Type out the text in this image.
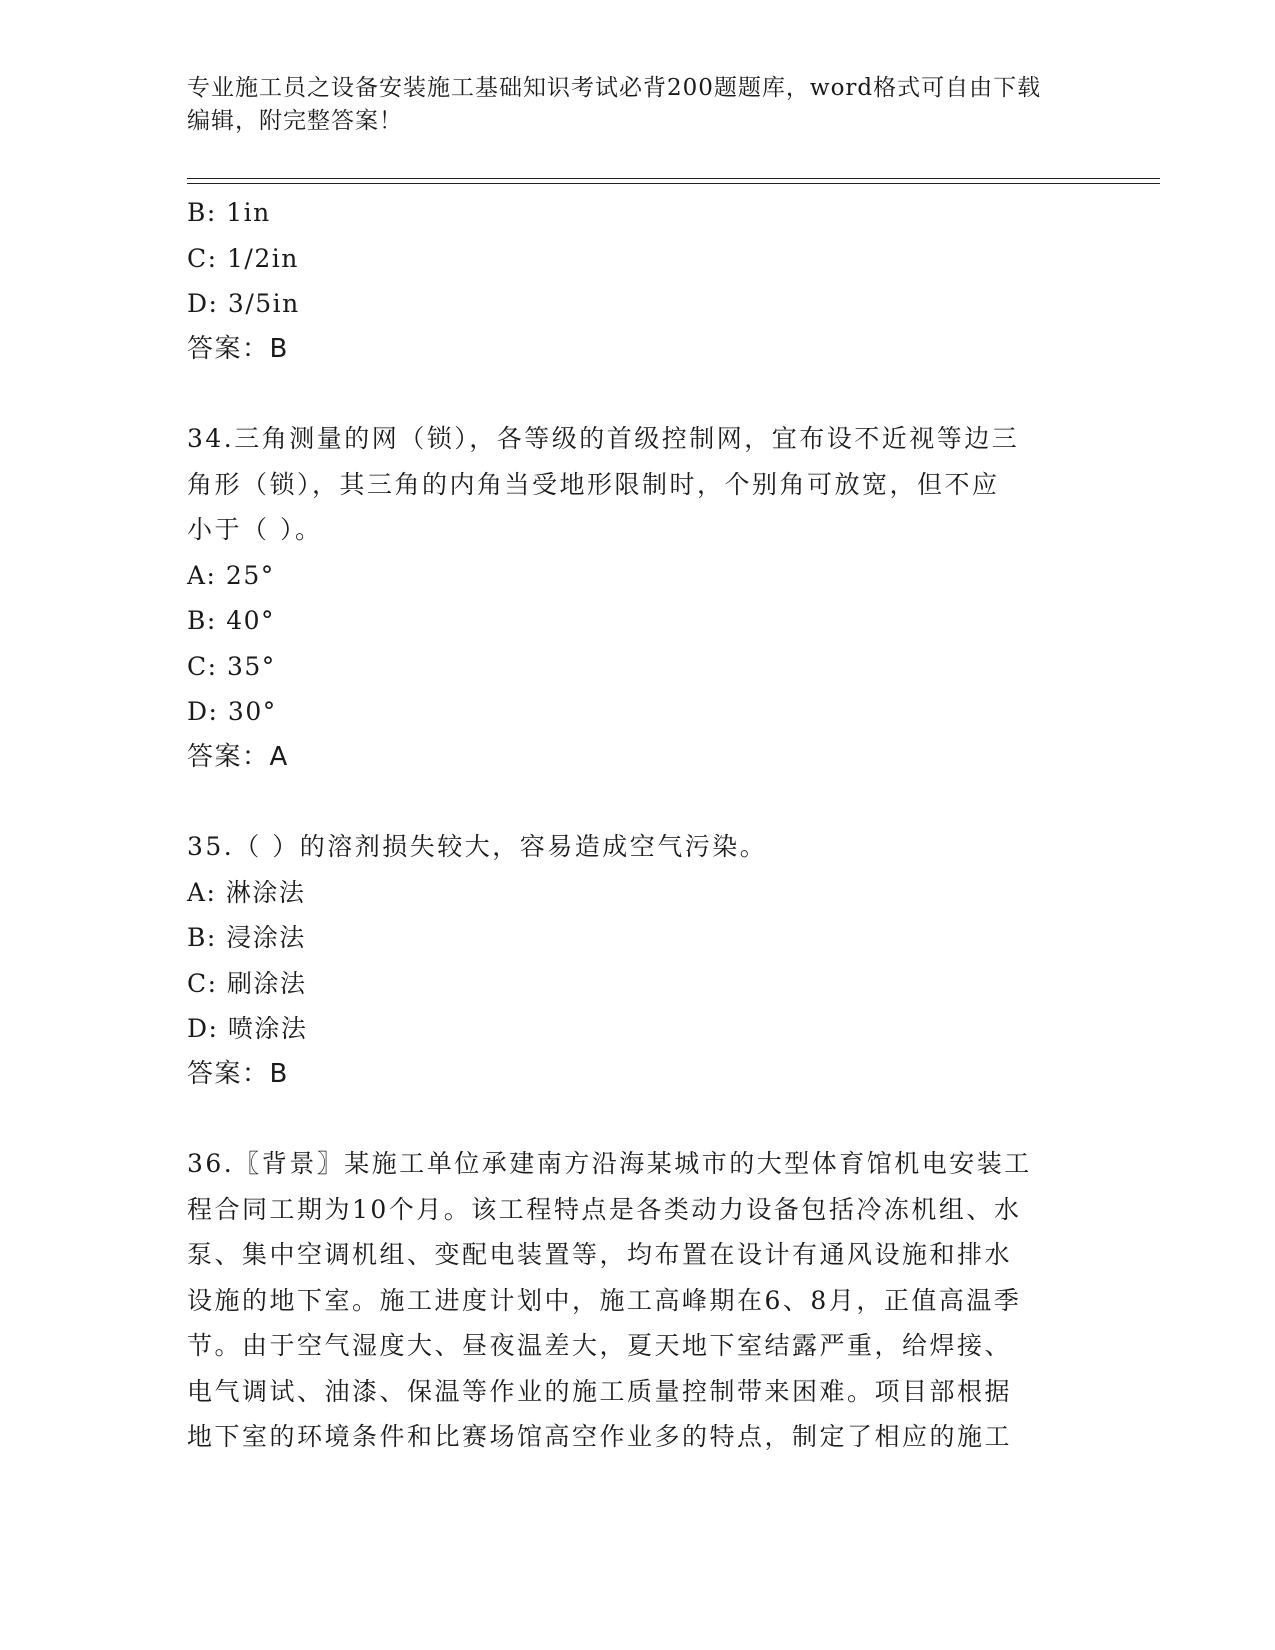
专业施工员之设备安装施工基础知识考试必背200题题库，word格式可自由下载
编辑，附完整答案！
B: 1in
C: 1/2in
D: 3/5in
答案：B
34.三角测量的网（锁），各等级的首级控制网，宜布设不近视等边三
角形（锁），其三角的内角当受地形限制时，个别角可放宽，但不应
小于（ ）。
A: 25°
B: 40°
C: 35°
D: 30°
答案：A
35.（ ）的溶剂损失较大，容易造成空气污染。
A: 淋涂法
B: 浸涂法
C: 刷涂法
D: 喷涂法
答案：B
36.〖背景〗某施工单位承建南方沿海某城市的大型体育馆机电安装工
程合同工期为10个月。该工程特点是各类动力设备包括冷冻机组、水
泵、集中空调机组、变配电装置等，均布置在设计有通风设施和排水
设施的地下室。施工进度计划中，施工高峰期在6、8月，正值高温季
节。由于空气湿度大、昼夜温差大，夏天地下室结露严重，给焊接、
电气调试、油漆、保温等作业的施工质量控制带来困难。项目部根据
地下室的环境条件和比赛场馆高空作业多的特点，制定了相应的施工
